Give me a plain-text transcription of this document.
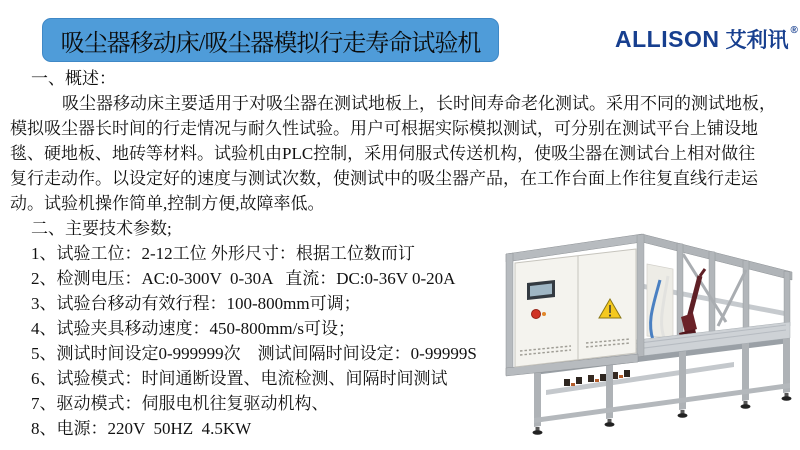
吸尘器移动床/吸尘器模拟行走寿命试验机	ALLISON 艾利讯 ®
一、概述：
吸尘器移动床主要适用于对吸尘器在测试地板上，长时间寿命老化测试。采用不同的测试地板，
模拟吸尘器长时间的行走情况与耐久性试验。用户可根据实际模拟测试，可分别在测试平台上铺设地
毯、硬地板、地砖等材料。试验机由PLC控制，采用伺服式传送机构，使吸尘器在测试台上相对做往
复行走动作。以设定好的速度与测试次数，使测试中的吸尘器产品，在工作台面上作往复直线行走运
动。试验机操作简单,控制方便,故障率低。
二、主要技术参数;
1、试验工位：2-12工位 外形尺寸：根据工位数而订
2、检测电压：AC:0-300V  0-30A   直流：DC:0-36V 0-20A
3、试验台移动有效行程：100-800mm可调；
4、试验夹具移动速度：450-800mm/s可设；
5、测试时间设定0-999999次    测试间隔时间设定：0-99999S
6、试验模式：时间通断设置、电流检测、间隔时间测试
7、驱动模式：伺服电机往复驱动机构、
8、电源：220V  50HZ  4.5KW
